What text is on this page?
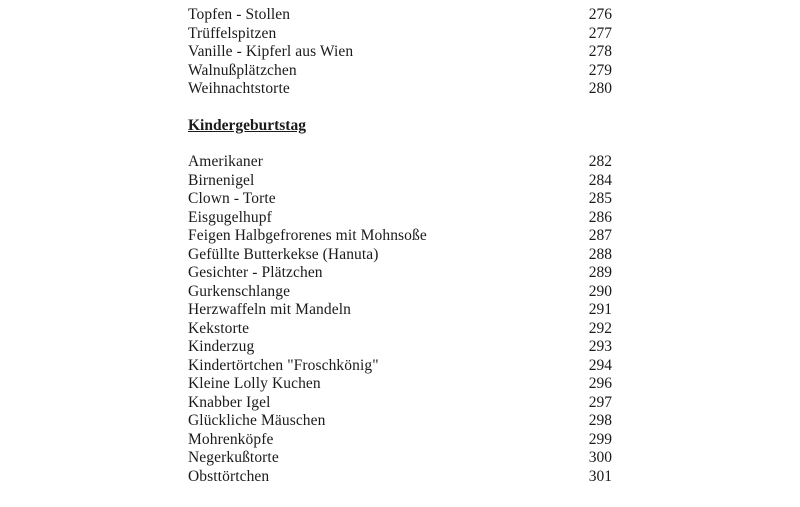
Topfen - Stollen	276
Trüffelspitzen	277
Vanille - Kipferl aus Wien	278
Walnußplätzchen	279
Weihnachtstorte	280
Kindergeburtstag
Amerikaner	282
Birnenigel	284
Clown - Torte	285
Eisgugelhupf	286
Feigen Halbgefrorenes mit Mohnsoße	287
Gefüllte Butterkekse (Hanuta)	288
Gesichter - Plätzchen	289
Gurkenschlange	290
Herzwaffeln mit Mandeln	291
Kekstorte	292
Kinderzug	293
Kindertörtchen "Froschkönig"	294
Kleine Lolly Kuchen	296
Knabber Igel	297
Glückliche Mäuschen	298
Mohrenköpfe	299
Negerkußtorte	300
Obsttörtchen	301
